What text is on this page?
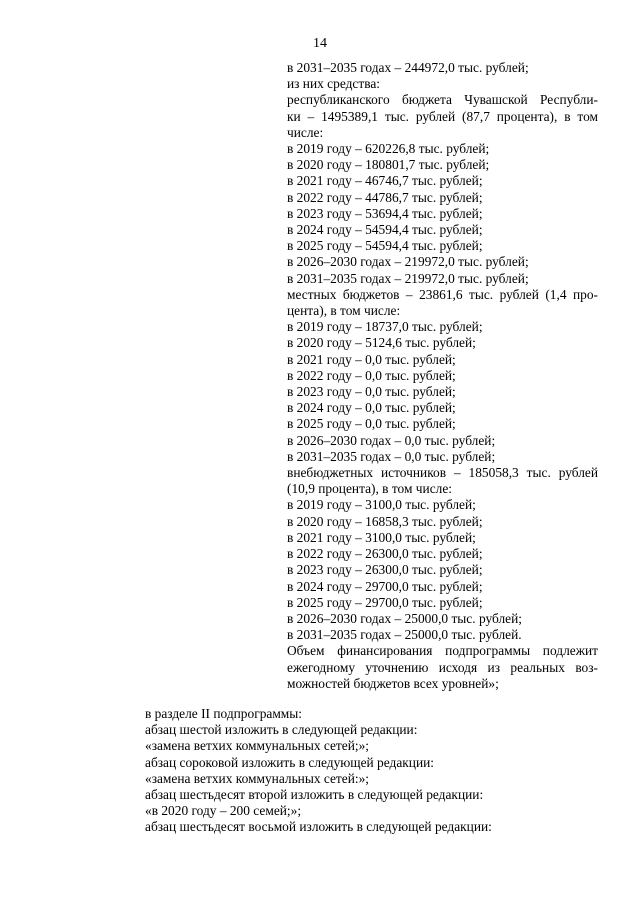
14
в 2031–2035 годах – 244972,0 тыс. рублей;
из них средства:
республиканского бюджета Чувашской Республи-
ки – 1495389,1 тыс. рублей (87,7 процента), в том
числе:
в 2019 году – 620226,8 тыс. рублей;
в 2020 году – 180801,7 тыс. рублей;
в 2021 году – 46746,7 тыс. рублей;
в 2022 году – 44786,7 тыс. рублей;
в 2023 году – 53694,4 тыс. рублей;
в 2024 году – 54594,4 тыс. рублей;
в 2025 году – 54594,4 тыс. рублей;
в 2026–2030 годах – 219972,0 тыс. рублей;
в 2031–2035 годах – 219972,0 тыс. рублей;
местных бюджетов – 23861,6 тыс. рублей (1,4 про-
цента), в том числе:
в 2019 году – 18737,0 тыс. рублей;
в 2020 году – 5124,6 тыс. рублей;
в 2021 году – 0,0 тыс. рублей;
в 2022 году – 0,0 тыс. рублей;
в 2023 году – 0,0 тыс. рублей;
в 2024 году – 0,0 тыс. рублей;
в 2025 году – 0,0 тыс. рублей;
в 2026–2030 годах – 0,0 тыс. рублей;
в 2031–2035 годах – 0,0 тыс. рублей;
внебюджетных источников – 185058,3 тыс. рублей
(10,9 процента), в том числе:
в 2019 году – 3100,0 тыс. рублей;
в 2020 году – 16858,3 тыс. рублей;
в 2021 году – 3100,0 тыс. рублей;
в 2022 году – 26300,0 тыс. рублей;
в 2023 году – 26300,0 тыс. рублей;
в 2024 году – 29700,0 тыс. рублей;
в 2025 году – 29700,0 тыс. рублей;
в 2026–2030 годах – 25000,0 тыс. рублей;
в 2031–2035 годах – 25000,0 тыс. рублей.
Объем финансирования подпрограммы подлежит
ежегодному уточнению исходя из реальных воз-
можностей бюджетов всех уровней»;
в разделе II подпрограммы:
абзац шестой изложить в следующей редакции:
«замена ветхих коммунальных сетей;»;
абзац сороковой изложить в следующей редакции:
«замена ветхих коммунальных сетей:»;
абзац шестьдесят второй изложить в следующей редакции:
«в 2020 году – 200 семей;»;
абзац шестьдесят восьмой изложить в следующей редакции:
